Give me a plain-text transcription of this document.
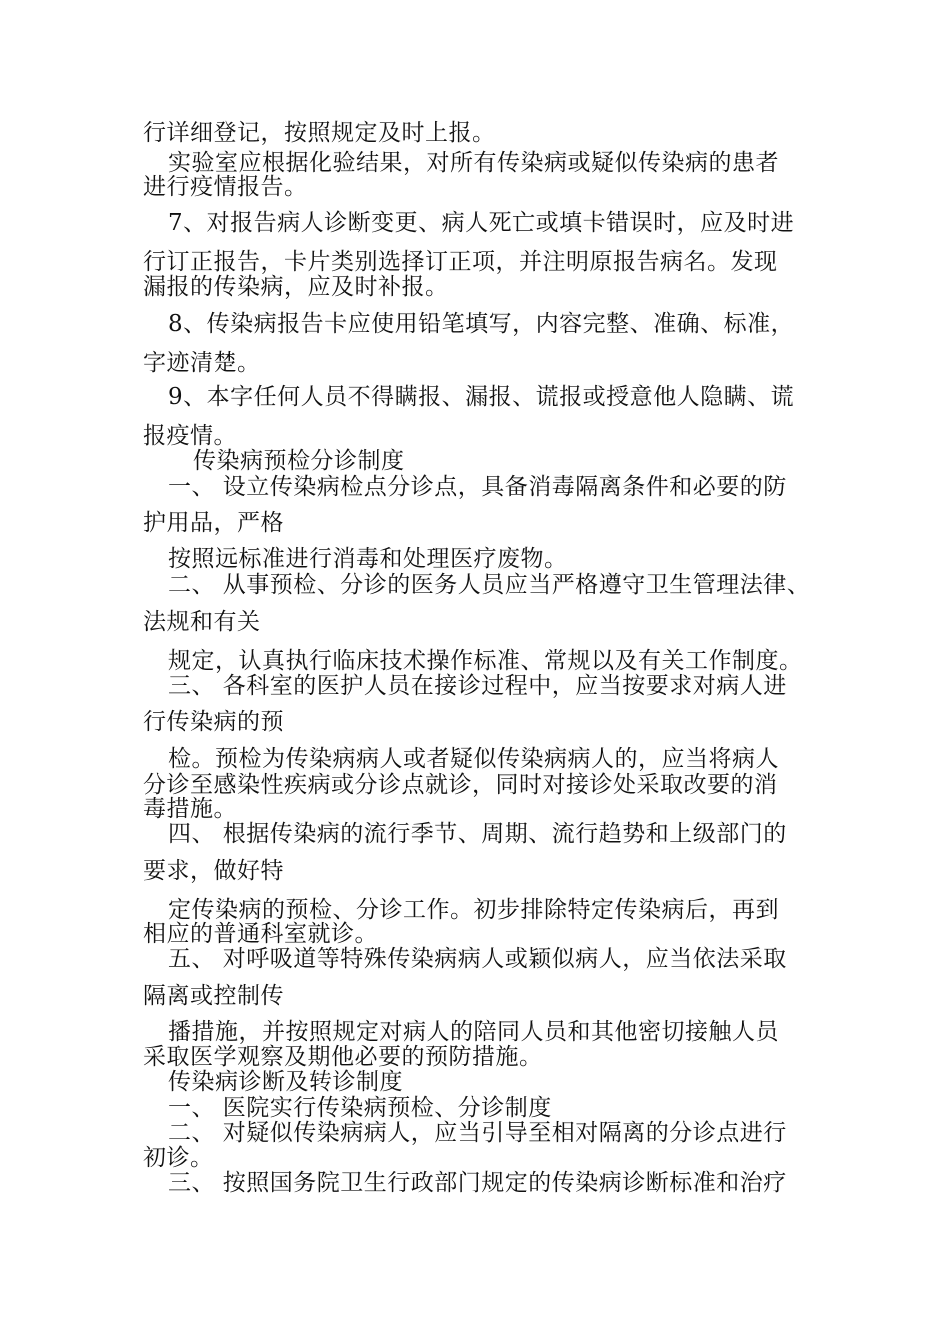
行详细登记，按照规定及时上报。
实验室应根据化验结果，对所有传染病或疑似传染病的患者
进行疫情报告。
7、对报告病人诊断变更、病人死亡或填卡错误时，应及时进
行订正报告，卡片类别选择订正项，并注明原报告病名。发现
漏报的传染病，应及时补报。
8、传染病报告卡应使用铅笔填写，内容完整、准确、标准，
字迹清楚。
9、本字任何人员不得瞒报、漏报、谎报或授意他人隐瞒、谎
报疫情。
传染病预检分诊制度
一、 设立传染病检点分诊点，具备消毒隔离条件和必要的防
护用品，严格
按照远标准进行消毒和处理医疗废物。
二、 从事预检、分诊的医务人员应当严格遵守卫生管理法律、
法规和有关
规定，认真执行临床技术操作标准、常规以及有关工作制度。
三、 各科室的医护人员在接诊过程中，应当按要求对病人进
行传染病的预
检。预检为传染病病人或者疑似传染病病人的，应当将病人
分诊至感染性疾病或分诊点就诊，同时对接诊处采取改要的消
毒措施。
四、 根据传染病的流行季节、周期、流行趋势和上级部门的
要求，做好特
定传染病的预检、分诊工作。初步排除特定传染病后，再到
相应的普通科室就诊。
五、 对呼吸道等特殊传染病病人或颖似病人，应当依法采取
隔离或控制传
播措施，并按照规定对病人的陪同人员和其他密切接触人员
采取医学观察及期他必要的预防措施。
传染病诊断及转诊制度
一、 医院实行传染病预检、分诊制度
二、 对疑似传染病病人，应当引导至相对隔离的分诊点进行
初诊。
三、 按照国务院卫生行政部门规定的传染病诊断标准和治疗
